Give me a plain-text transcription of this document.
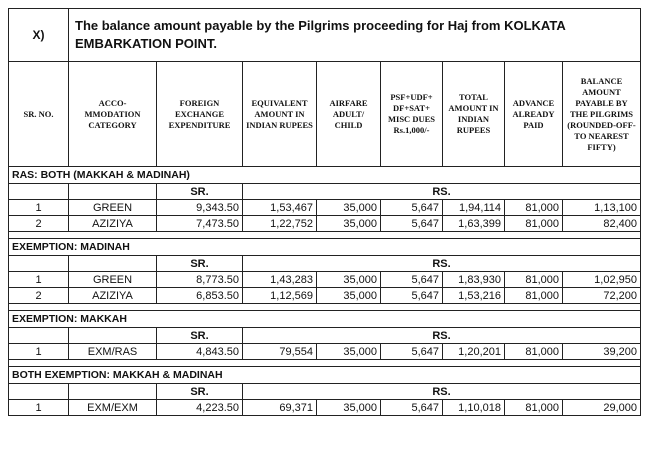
X)	The balance amount payable by the Pilgrims proceeding for Haj from KOLKATA EMBARKATION POINT.							
SR. NO.	ACCO- MMODATION CATEGORY	FOREIGN EXCHANGE EXPENDITURE	EQUIVALENT AMOUNT IN INDIAN RUPEES	AIRFARE ADULT/ CHILD	PSF+UDF+ DF+SAT+ MISC DUES Rs.1,000/-	TOTAL AMOUNT IN INDIAN RUPEES	ADVANCE ALREADY PAID	BALANCE AMOUNT PAYABLE BY THE PILGRIMS (ROUNDED-OFF- TO NEAREST FIFTY)
RAS: BOTH (MAKKAH & MADINAH)								
		SR.	RS.					
1	GREEN	9,343.50	1,53,467	35,000	5,647	1,94,114	81,000	1,13,100
2	AZIZIYA	7,473.50	1,22,752	35,000	5,647	1,63,399	81,000	82,400

EXEMPTION: MADINAH								
		SR.	RS.					
1	GREEN	8,773.50	1,43,283	35,000	5,647	1,83,930	81,000	1,02,950
2	AZIZIYA	6,853.50	1,12,569	35,000	5,647	1,53,216	81,000	72,200

EXEMPTION: MAKKAH								
		SR.	RS.					
1	EXM/RAS	4,843.50	79,554	35,000	5,647	1,20,201	81,000	39,200

BOTH EXEMPTION: MAKKAH & MADINAH								
		SR.	RS.					
1	EXM/EXM	4,223.50	69,371	35,000	5,647	1,10,018	81,000	29,000
